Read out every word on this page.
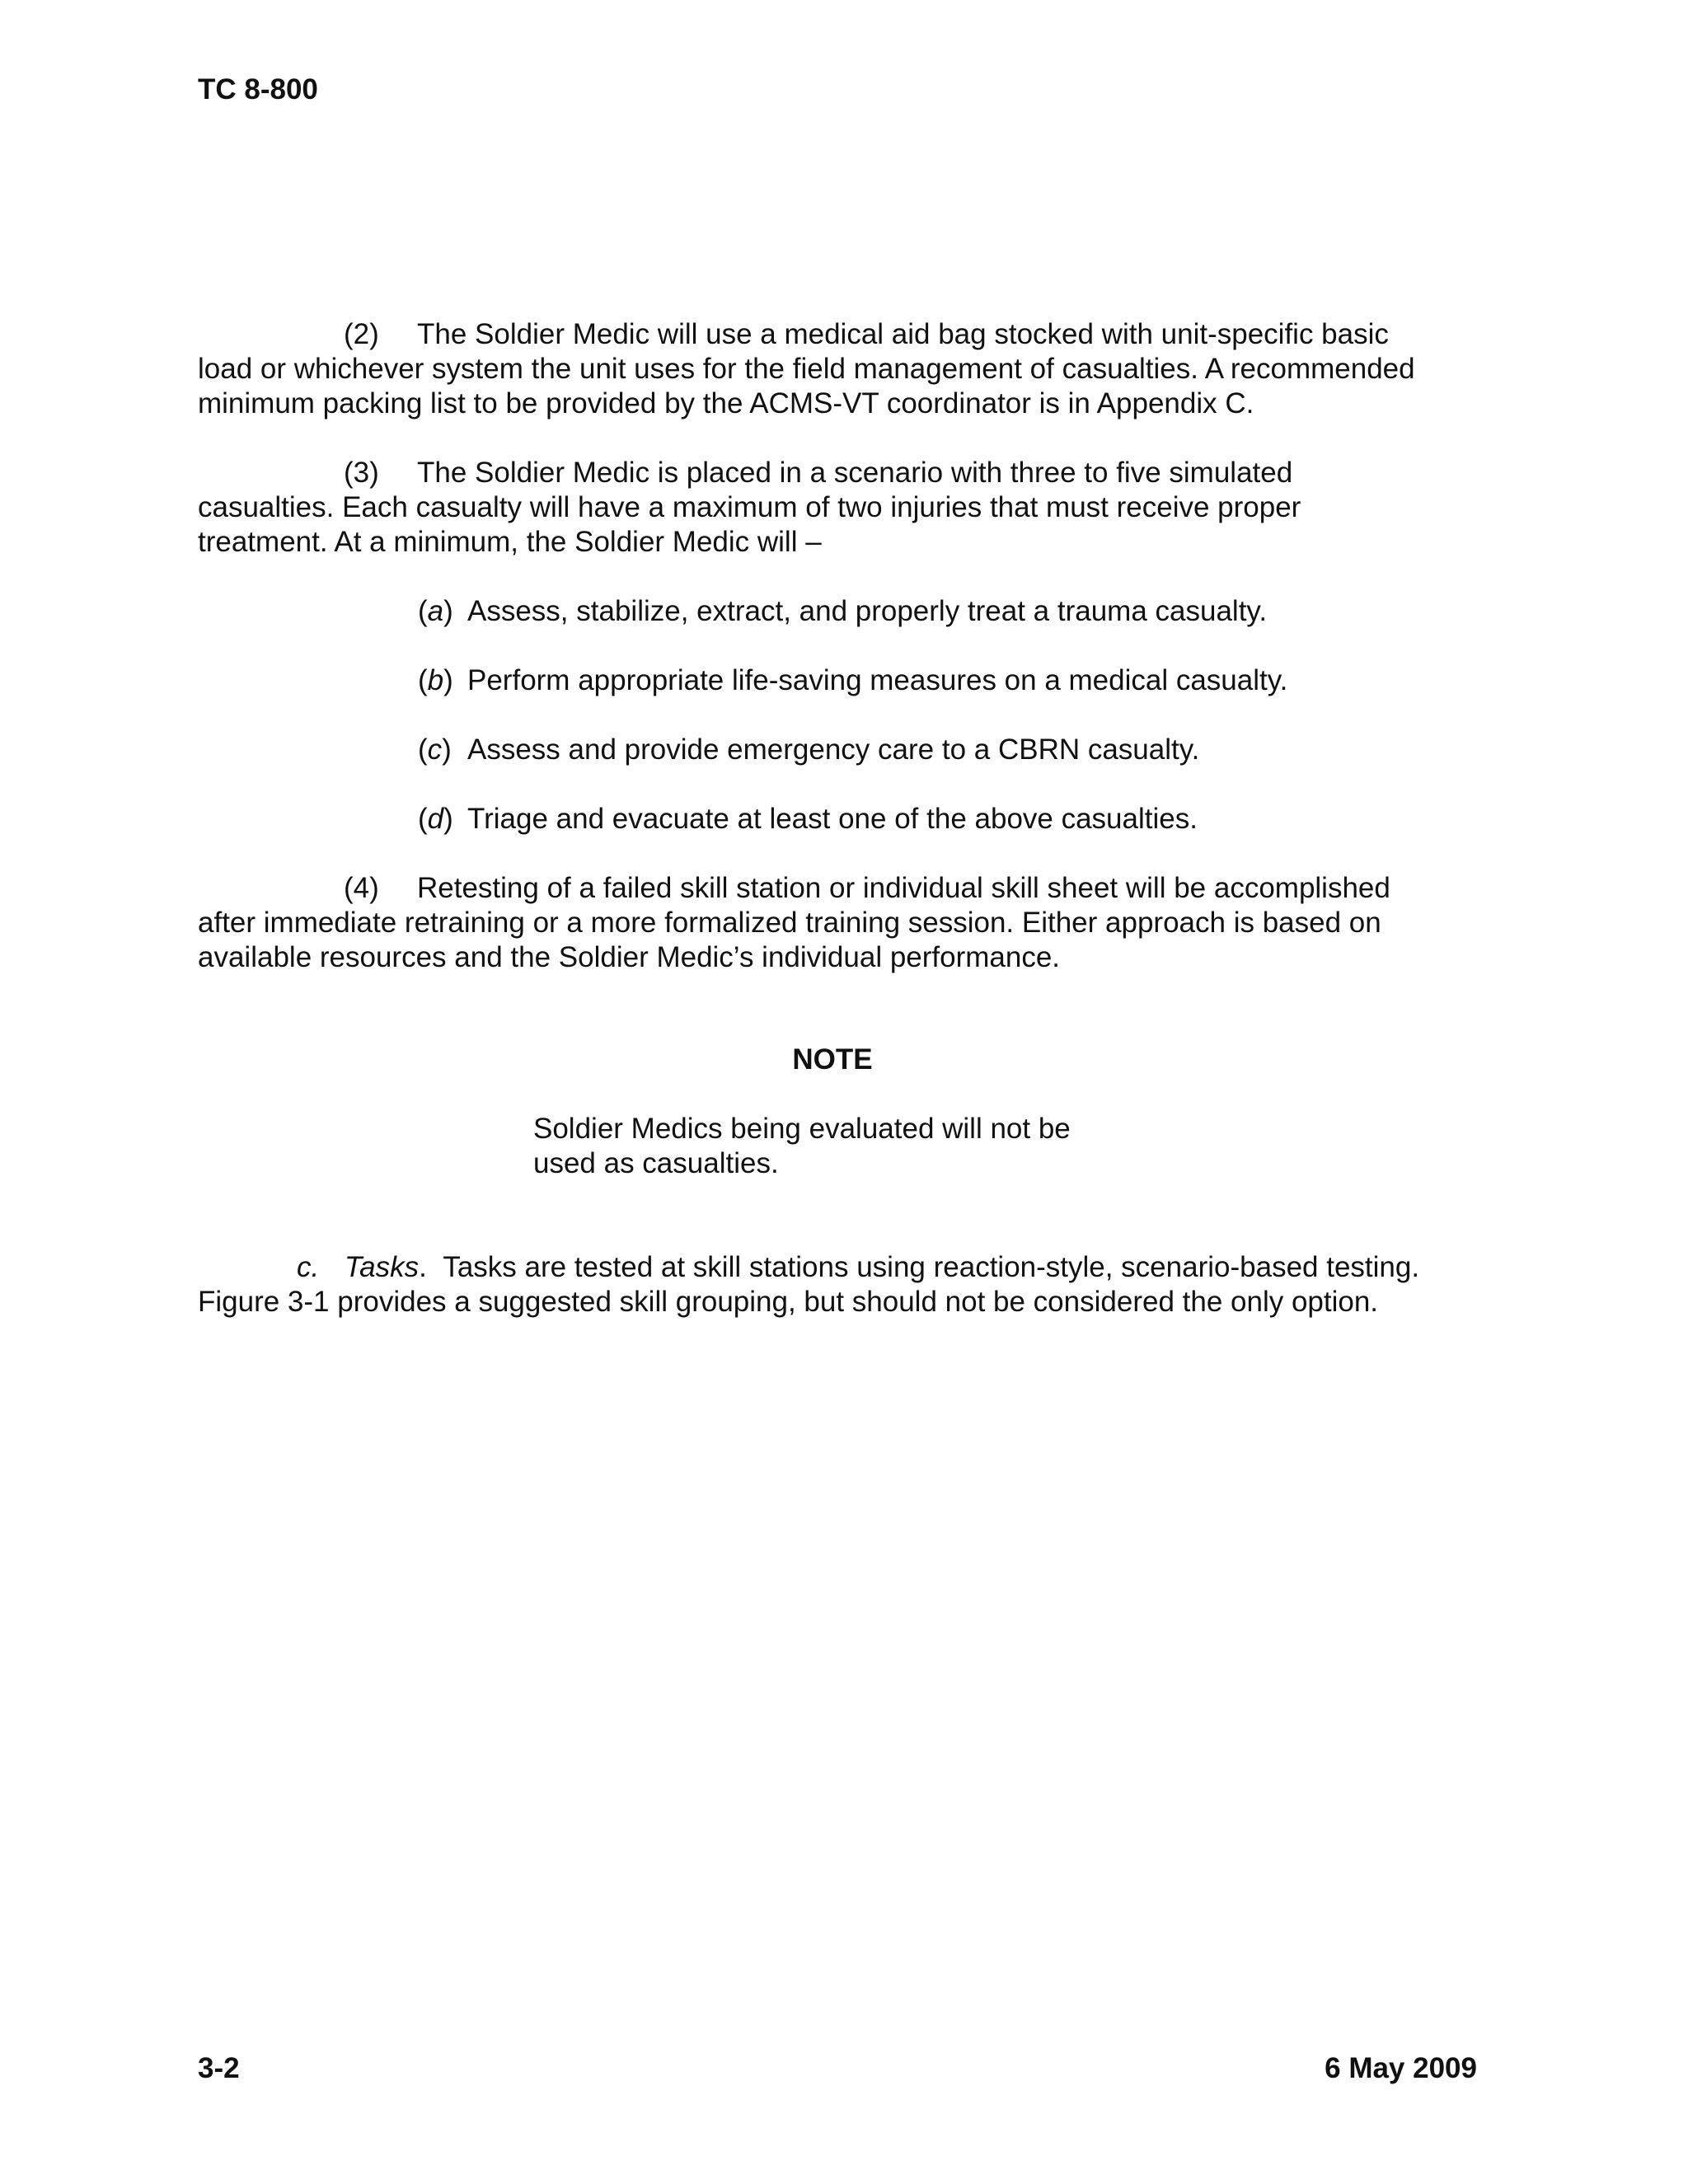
TC 8-800
(2) The Soldier Medic will use a medical aid bag stocked with unit-specific basic
load or whichever system the unit uses for the field management of casualties. A recommended
minimum packing list to be provided by the ACMS-VT coordinator is in Appendix C.
(3) The Soldier Medic is placed in a scenario with three to five simulated
casualties. Each casualty will have a maximum of two injuries that must receive proper
treatment. At a minimum, the Soldier Medic will –
(a) Assess, stabilize, extract, and properly treat a trauma casualty.
(b) Perform appropriate life-saving measures on a medical casualty.
(c) Assess and provide emergency care to a CBRN casualty.
(d) Triage and evacuate at least one of the above casualties.
(4) Retesting of a failed skill station or individual skill sheet will be accomplished
after immediate retraining or a more formalized training session. Either approach is based on
available resources and the Soldier Medic’s individual performance.
NOTE
Soldier Medics being evaluated will not be
used as casualties.
c. Tasks.  Tasks are tested at skill stations using reaction-style, scenario-based testing.
Figure 3-1 provides a suggested skill grouping, but should not be considered the only option.
3-2	6 May 2009
